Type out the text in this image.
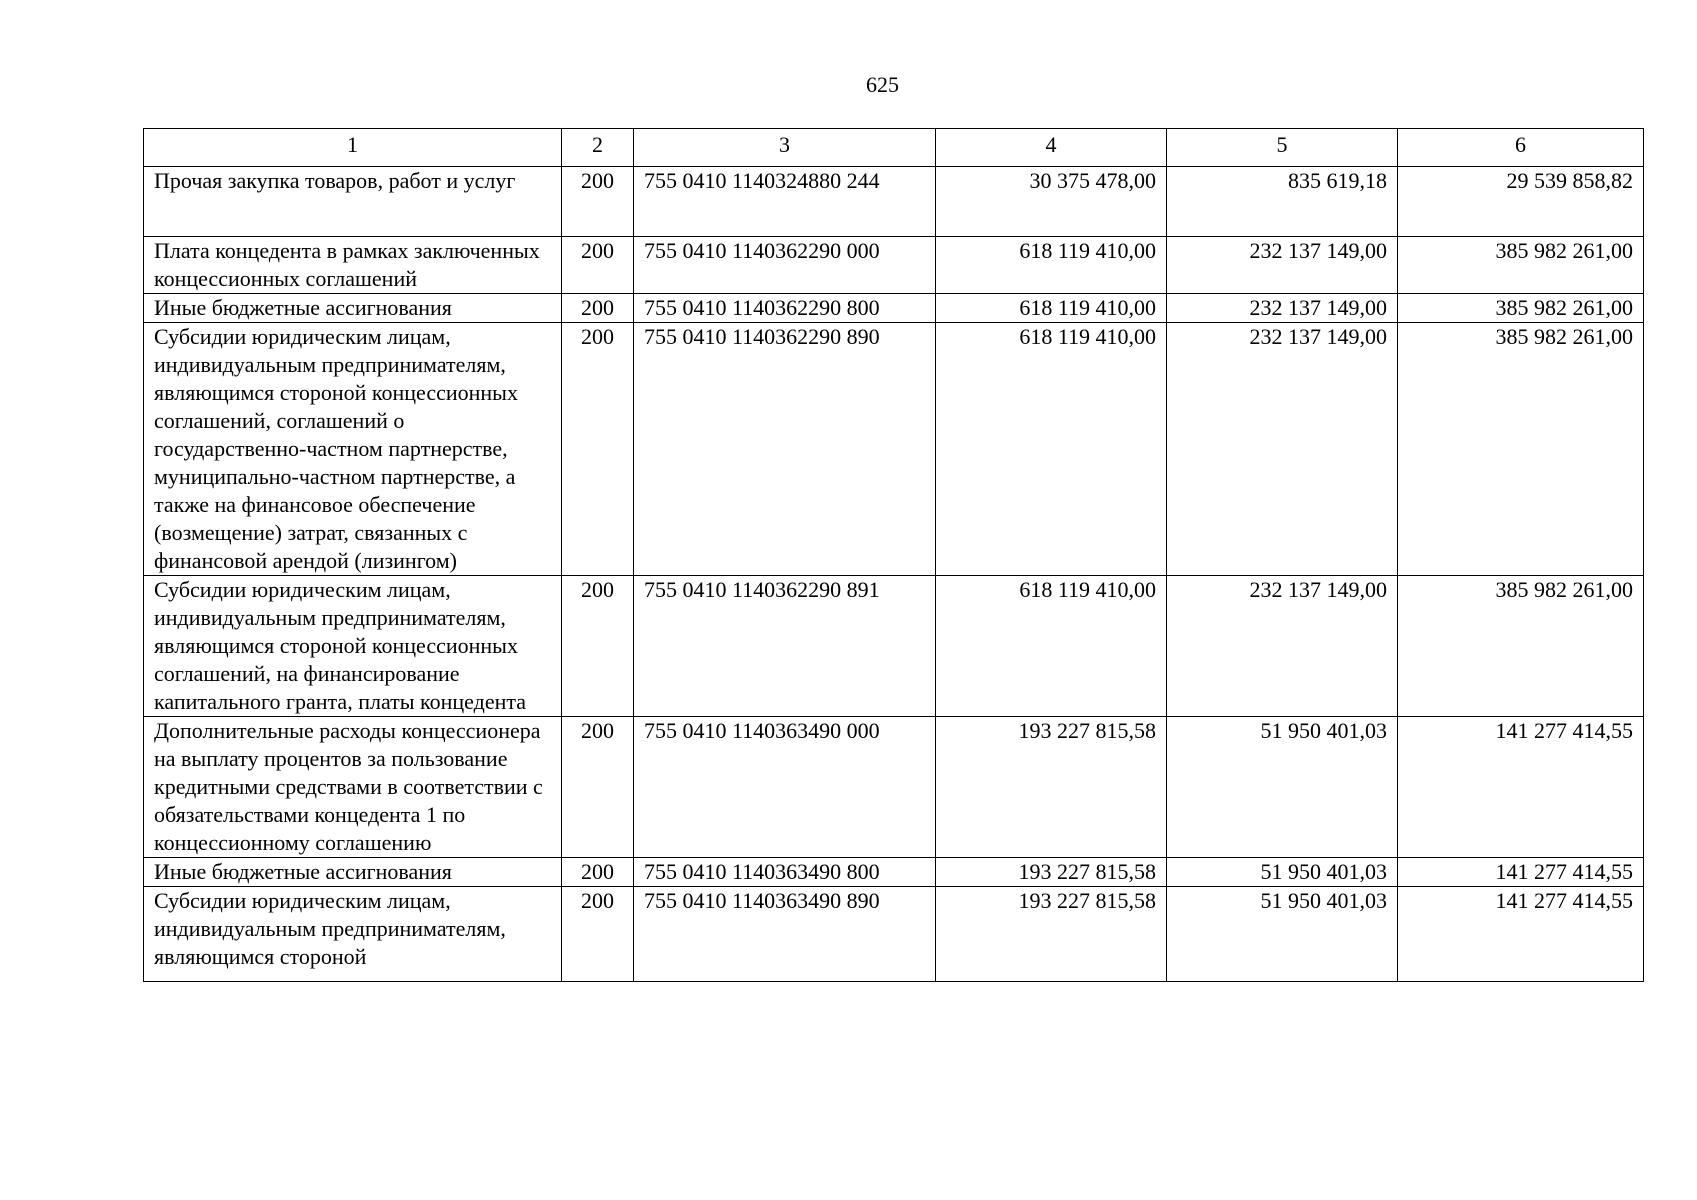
625
1	2	3	4	5	6
Прочая закупка товаров, работ и услуг	200	755 0410 1140324880 244	30 375 478,00	835 619,18	29 539 858,82
Плата концедента в рамках заключенных концессионных соглашений	200	755 0410 1140362290 000	618 119 410,00	232 137 149,00	385 982 261,00
Иные бюджетные ассигнования	200	755 0410 1140362290 800	618 119 410,00	232 137 149,00	385 982 261,00
Субсидии юридическим лицам, индивидуальным предпринимателям, являющимся стороной концессионных соглашений, соглашений о государственно-частном партнерстве, муниципально-частном партнерстве, а также на финансовое обеспечение (возмещение) затрат, связанных с финансовой арендой (лизингом)	200	755 0410 1140362290 890	618 119 410,00	232 137 149,00	385 982 261,00
Субсидии юридическим лицам, индивидуальным предпринимателям, являющимся стороной концессионных соглашений, на финансирование капитального гранта, платы концедента	200	755 0410 1140362290 891	618 119 410,00	232 137 149,00	385 982 261,00
Дополнительные расходы концессионера на выплату процентов за пользование кредитными средствами в соответствии с обязательствами концедента 1 по концессионному соглашению	200	755 0410 1140363490 000	193 227 815,58	51 950 401,03	141 277 414,55
Иные бюджетные ассигнования	200	755 0410 1140363490 800	193 227 815,58	51 950 401,03	141 277 414,55
Субсидии юридическим лицам, индивидуальным предпринимателям, являющимся стороной	200	755 0410 1140363490 890	193 227 815,58	51 950 401,03	141 277 414,55
